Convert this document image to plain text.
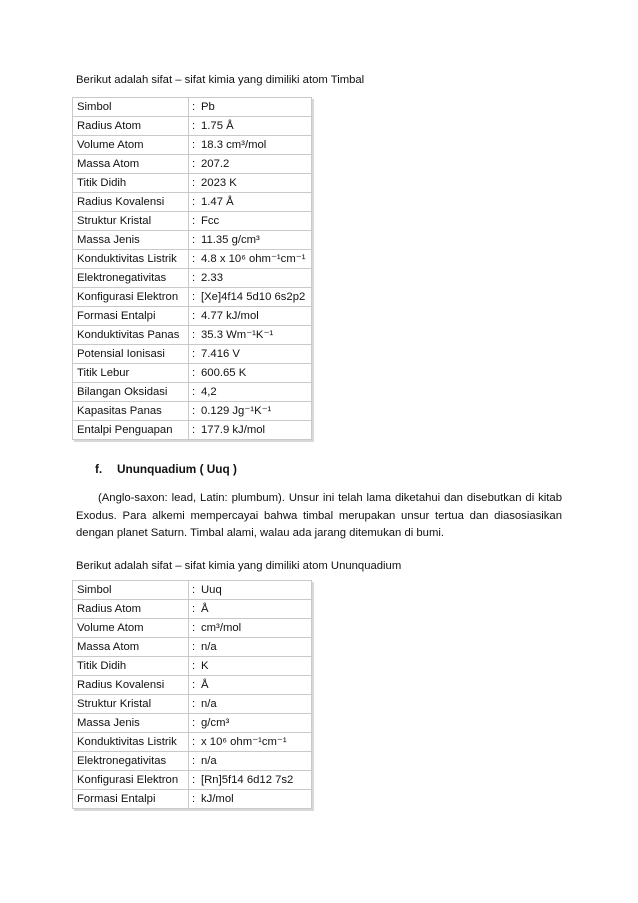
Berikut adalah sifat – sifat kimia yang dimiliki atom Timbal

Simbol	: Pb
Radius Atom	: 1.75 Å
Volume Atom	: 18.3 cm³/mol
Massa Atom	: 207.2
Titik Didih	: 2023 K
Radius Kovalensi	: 1.47 Å
Struktur Kristal	: Fcc
Massa Jenis	: 11.35 g/cm³
Konduktivitas Listrik	: 4.8 x 10⁶ ohm⁻¹cm⁻¹
Elektronegativitas	: 2.33
Konfigurasi Elektron	: [Xe]4f14 5d10 6s2p2
Formasi Entalpi	: 4.77 kJ/mol
Konduktivitas Panas	: 35.3 Wm⁻¹K⁻¹
Potensial Ionisasi	: 7.416 V
Titik Lebur	: 600.65 K
Bilangan Oksidasi	: 4,2
Kapasitas Panas	: 0.129 Jg⁻¹K⁻¹
Entalpi Penguapan	: 177.9 kJ/mol

f. Ununquadium ( Uuq )

(Anglo-saxon: lead, Latin: plumbum). Unsur ini telah lama diketahui dan disebutkan di kitab Exodus. Para alkemi mempercayai bahwa timbal merupakan unsur tertua dan diasosiasikan dengan planet Saturn. Timbal alami, walau ada jarang ditemukan di bumi.

Berikut adalah sifat – sifat kimia yang dimiliki atom Ununquadium

Simbol	: Uuq
Radius Atom	: Å
Volume Atom	: cm³/mol
Massa Atom	: n/a
Titik Didih	: K
Radius Kovalensi	: Å
Struktur Kristal	: n/a
Massa Jenis	: g/cm³
Konduktivitas Listrik	: x 10⁶ ohm⁻¹cm⁻¹
Elektronegativitas	: n/a
Konfigurasi Elektron	: [Rn]5f14 6d12 7s2
Formasi Entalpi	: kJ/mol
